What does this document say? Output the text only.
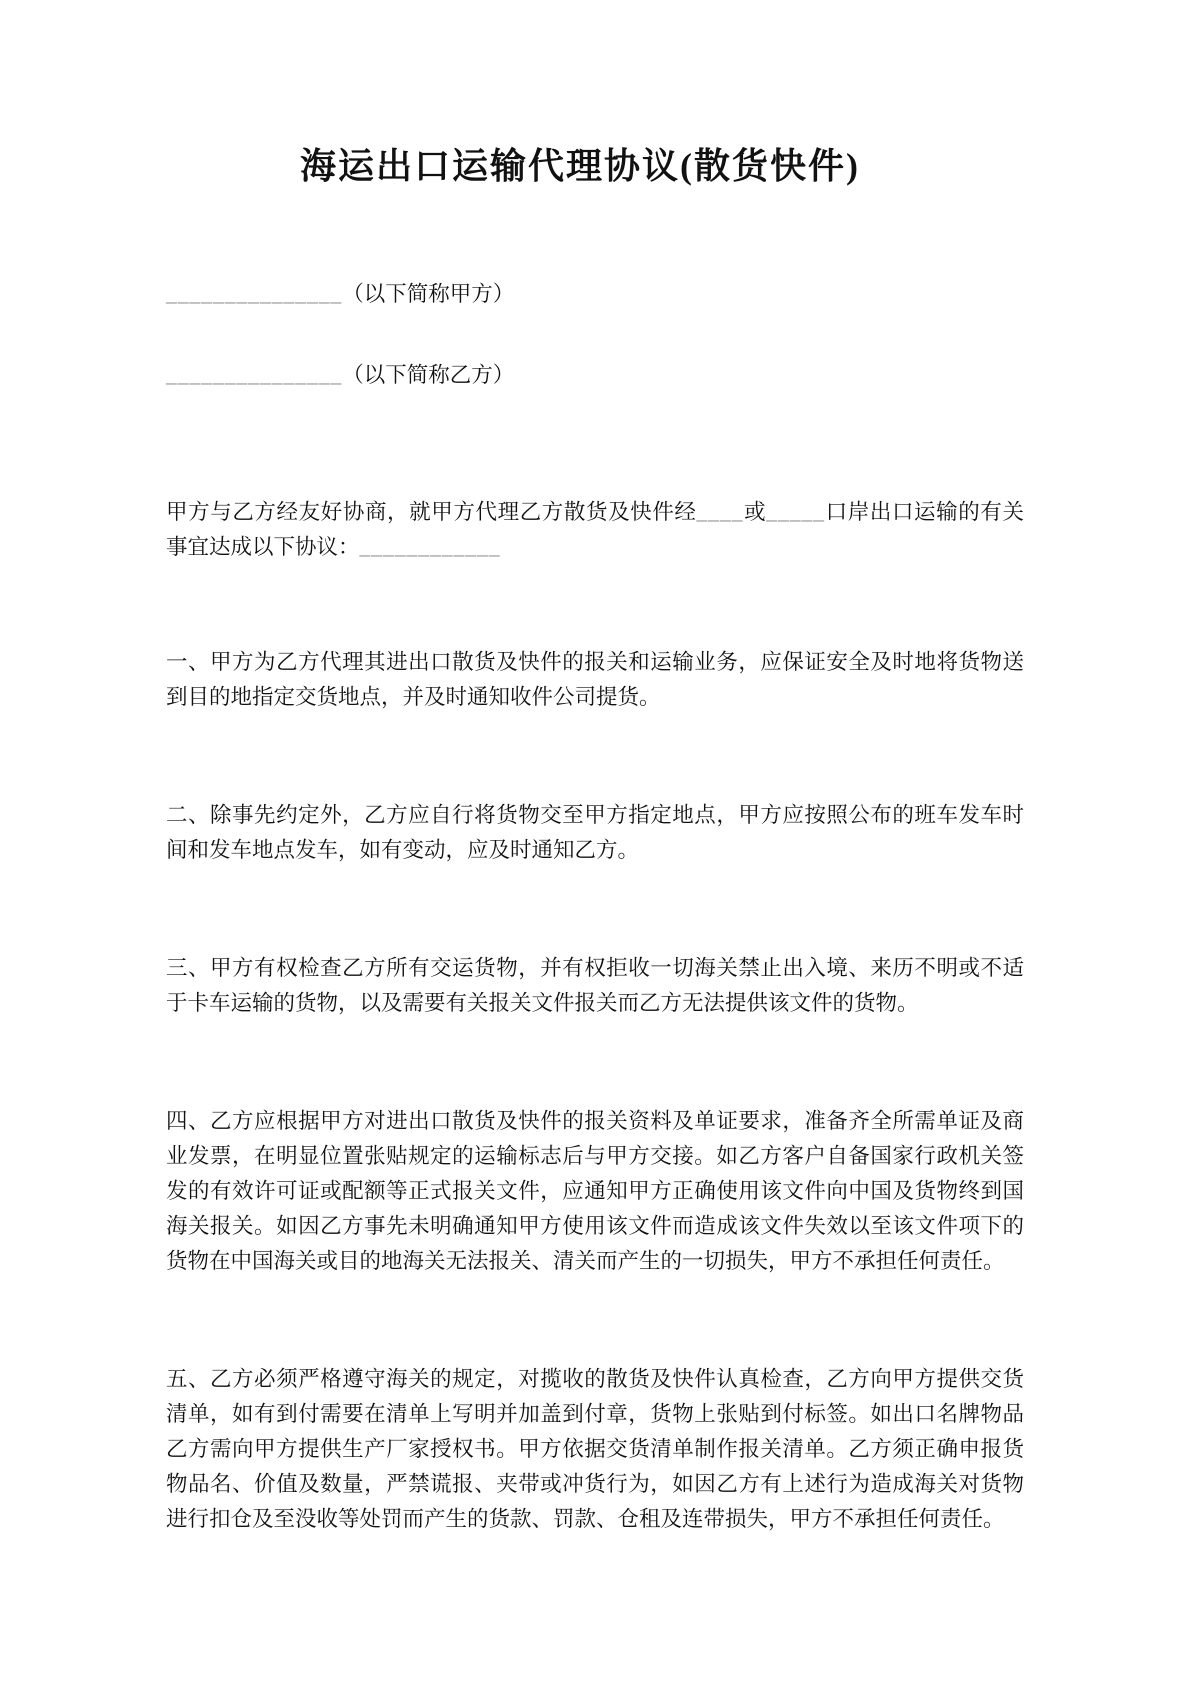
海运出口运输代理协议(散货快件)

_______________（以下简称甲方）

_______________（以下简称乙方）

甲方与乙方经友好协商，就甲方代理乙方散货及快件经____或_____口岸出口运输的有关事宜达成以下协议：____________

一、甲方为乙方代理其进出口散货及快件的报关和运输业务，应保证安全及时地将货物送到目的地指定交货地点，并及时通知收件公司提货。

二、除事先约定外，乙方应自行将货物交至甲方指定地点，甲方应按照公布的班车发车时间和发车地点发车，如有变动，应及时通知乙方。

三、甲方有权检查乙方所有交运货物，并有权拒收一切海关禁止出入境、来历不明或不适于卡车运输的货物，以及需要有关报关文件报关而乙方无法提供该文件的货物。

四、乙方应根据甲方对进出口散货及快件的报关资料及单证要求，准备齐全所需单证及商业发票，在明显位置张贴规定的运输标志后与甲方交接。如乙方客户自备国家行政机关签发的有效许可证或配额等正式报关文件，应通知甲方正确使用该文件向中国及货物终到国海关报关。如因乙方事先未明确通知甲方使用该文件而造成该文件失效以至该文件项下的货物在中国海关或目的地海关无法报关、清关而产生的一切损失，甲方不承担任何责任。

五、乙方必须严格遵守海关的规定，对揽收的散货及快件认真检查，乙方向甲方提供交货清单，如有到付需要在清单上写明并加盖到付章，货物上张贴到付标签。如出口名牌物品乙方需向甲方提供生产厂家授权书。甲方依据交货清单制作报关清单。乙方须正确申报货物品名、价值及数量，严禁谎报、夹带或冲货行为，如因乙方有上述行为造成海关对货物进行扣仓及至没收等处罚而产生的货款、罚款、仓租及连带损失，甲方不承担任何责任。
